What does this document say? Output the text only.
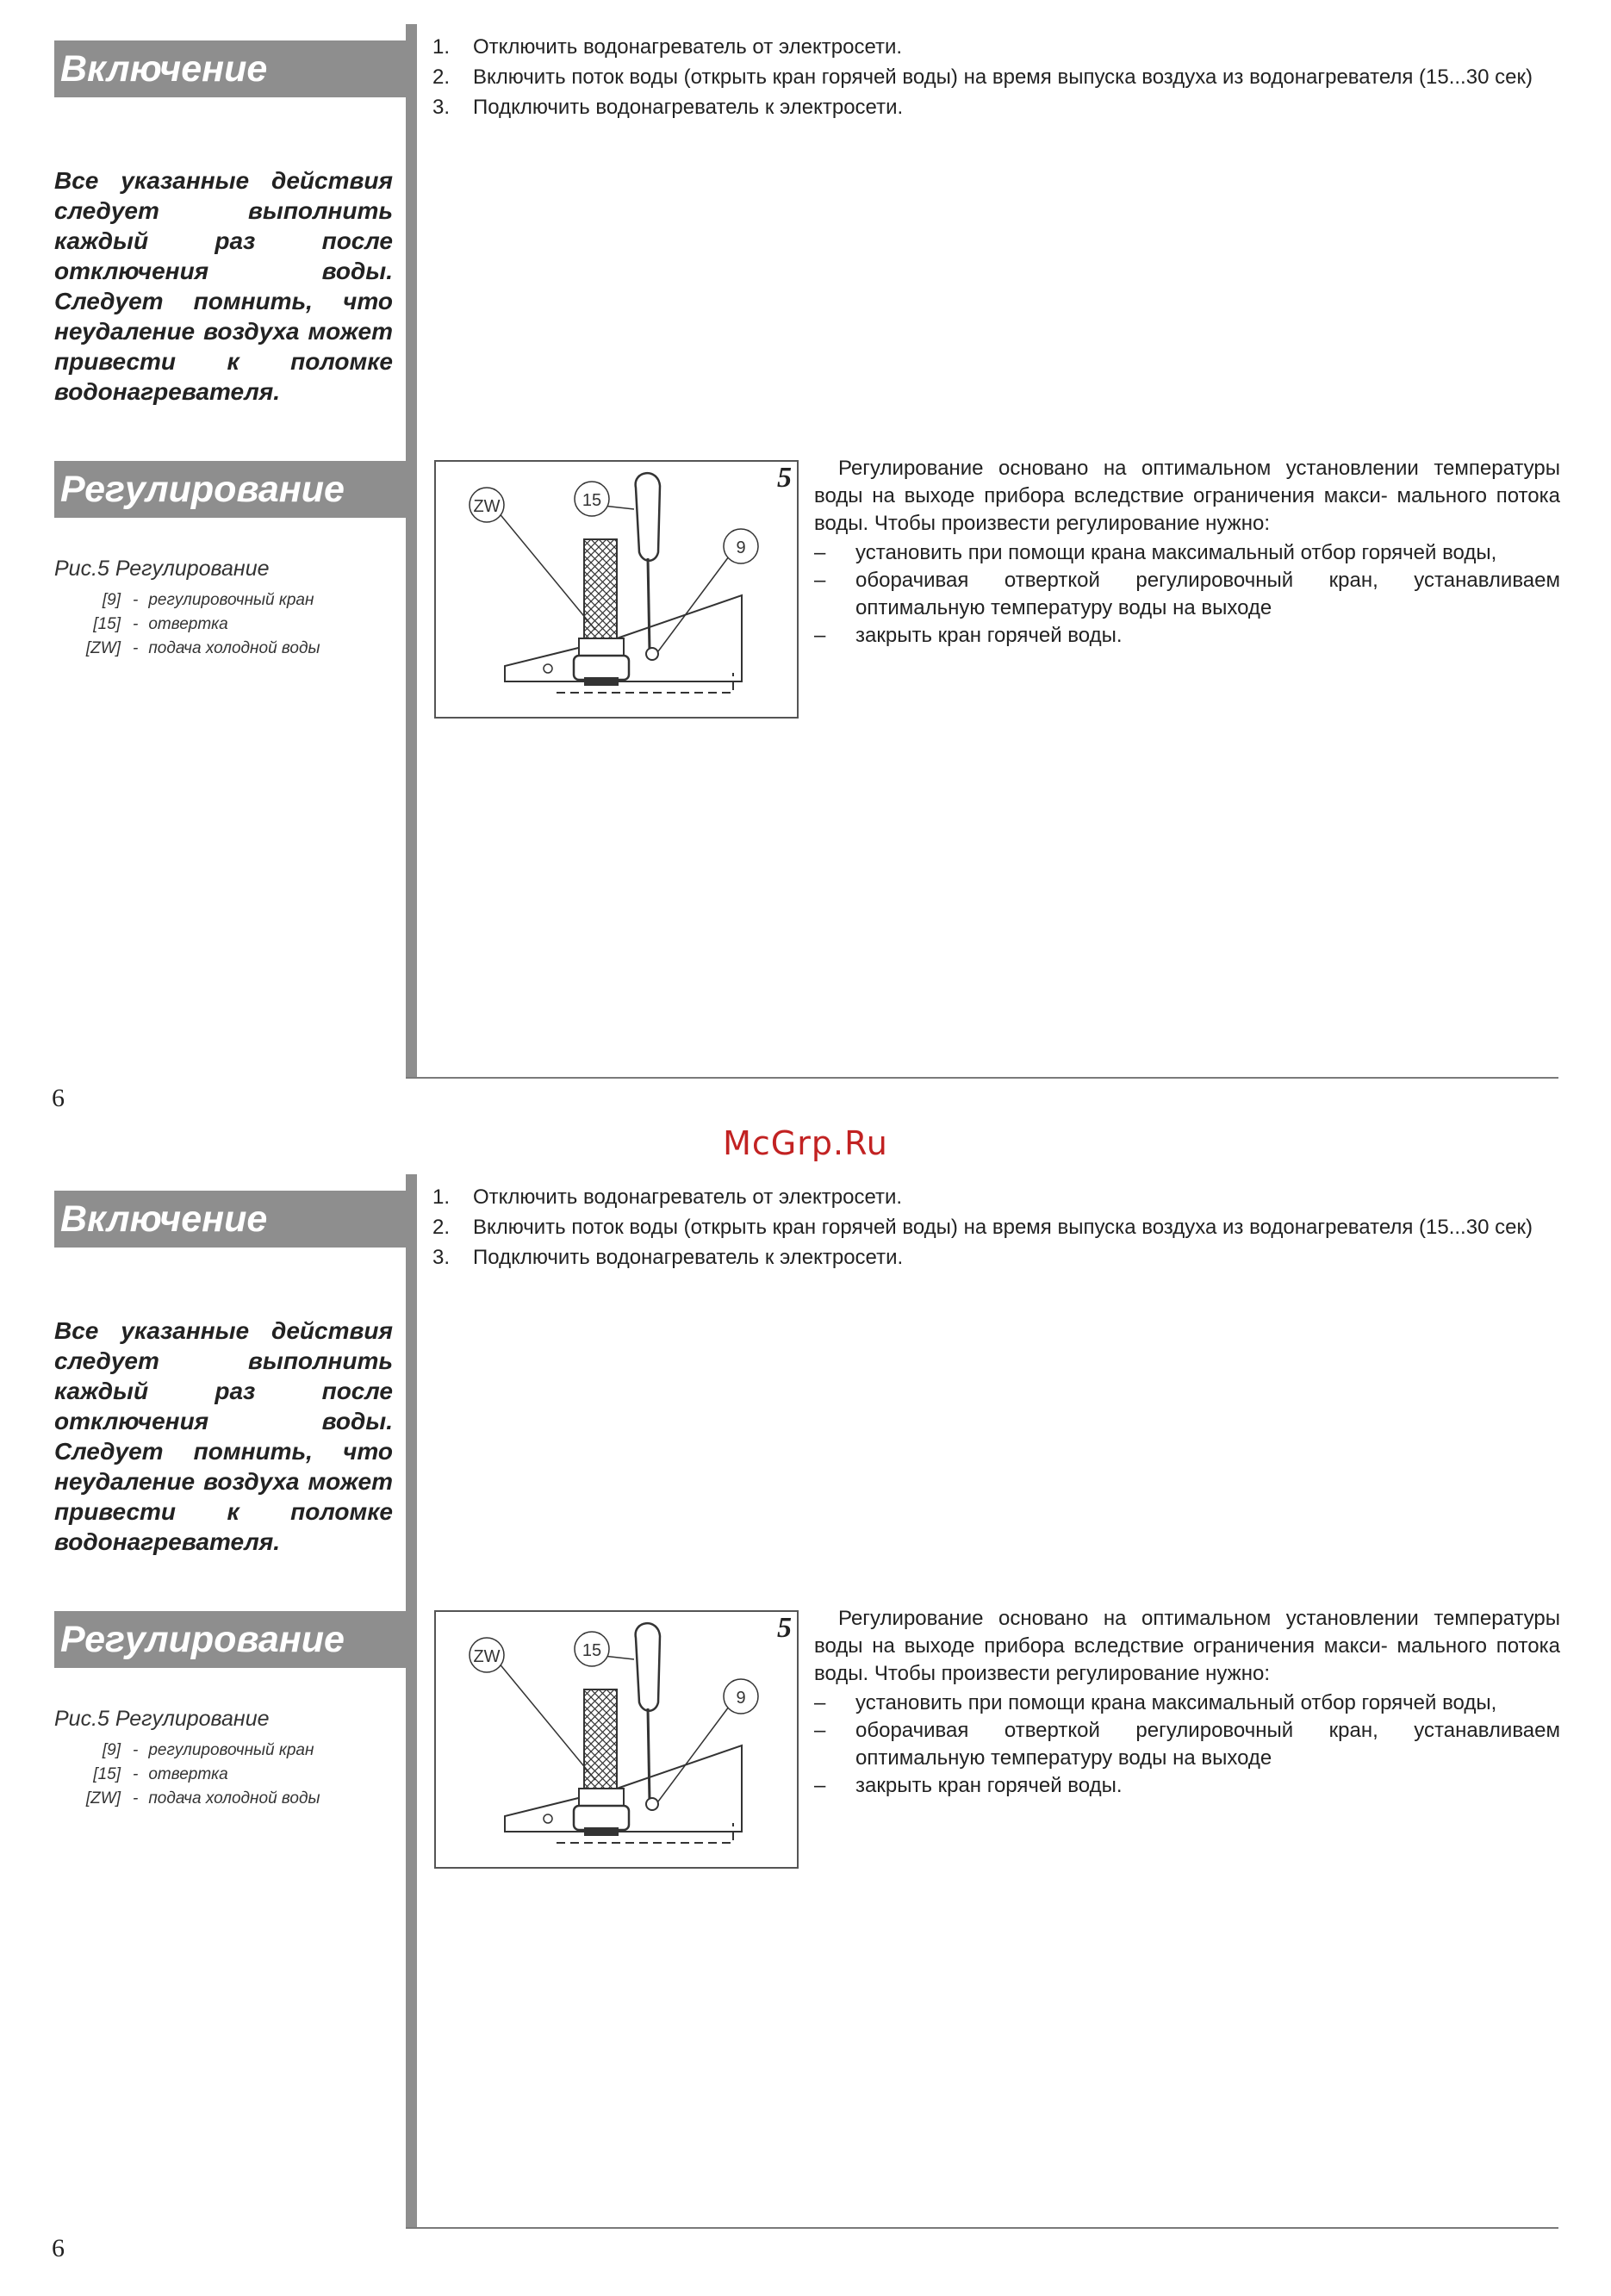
Включение
Все указанные действия следует выполнить каждый раз после отключения воды. Следует помнить, что неудаление воздуха может привести к поломке водонагревателя.
1. Отключить водонагреватель от электросети.
2. Включить поток воды (открыть кран горячей воды) на время выпуска воздуха из водонагревателя (15...30 сек)
3. Подключить водонагреватель к электросети.
Регулирование
Рис.5 Регулирование
[9] - регулировочный кран
[15] - отвертка
[ZW] - подача холодной воды
ZW	15
9
5	Регулирование основано на оптимальном установлении температуры воды на выходе прибора вследствие ограничения макси- мального потока воды. Чтобы произвести регулирование нужно:

– установить при помощи крана максимальный отбор горячей воды,
– оборачивая отверткой регулировочный кран, устанавливаем оптимальную температуру воды на выходе
– закрыть кран горячей воды.
6
McGrp.Ru
Включение
Все указанные действия следует выполнить каждый раз после отключения воды. Следует помнить, что неудаление воздуха может привести к поломке водонагревателя.
1. Отключить водонагреватель от электросети.
2. Включить поток воды (открыть кран горячей воды) на время выпуска воздуха из водонагревателя (15...30 сек)
3. Подключить водонагреватель к электросети.
Регулирование
Рис.5 Регулирование
[9] - регулировочный кран
[15] - отвертка
[ZW] - подача холодной воды
ZW	15
9
5	Регулирование основано на оптимальном установлении температуры воды на выходе прибора вследствие ограничения макси- мального потока воды. Чтобы произвести регулирование нужно:

– установить при помощи крана максимальный отбор горячей воды,
– оборачивая отверткой регулировочный кран, устанавливаем оптимальную температуру воды на выходе
– закрыть кран горячей воды.
6
